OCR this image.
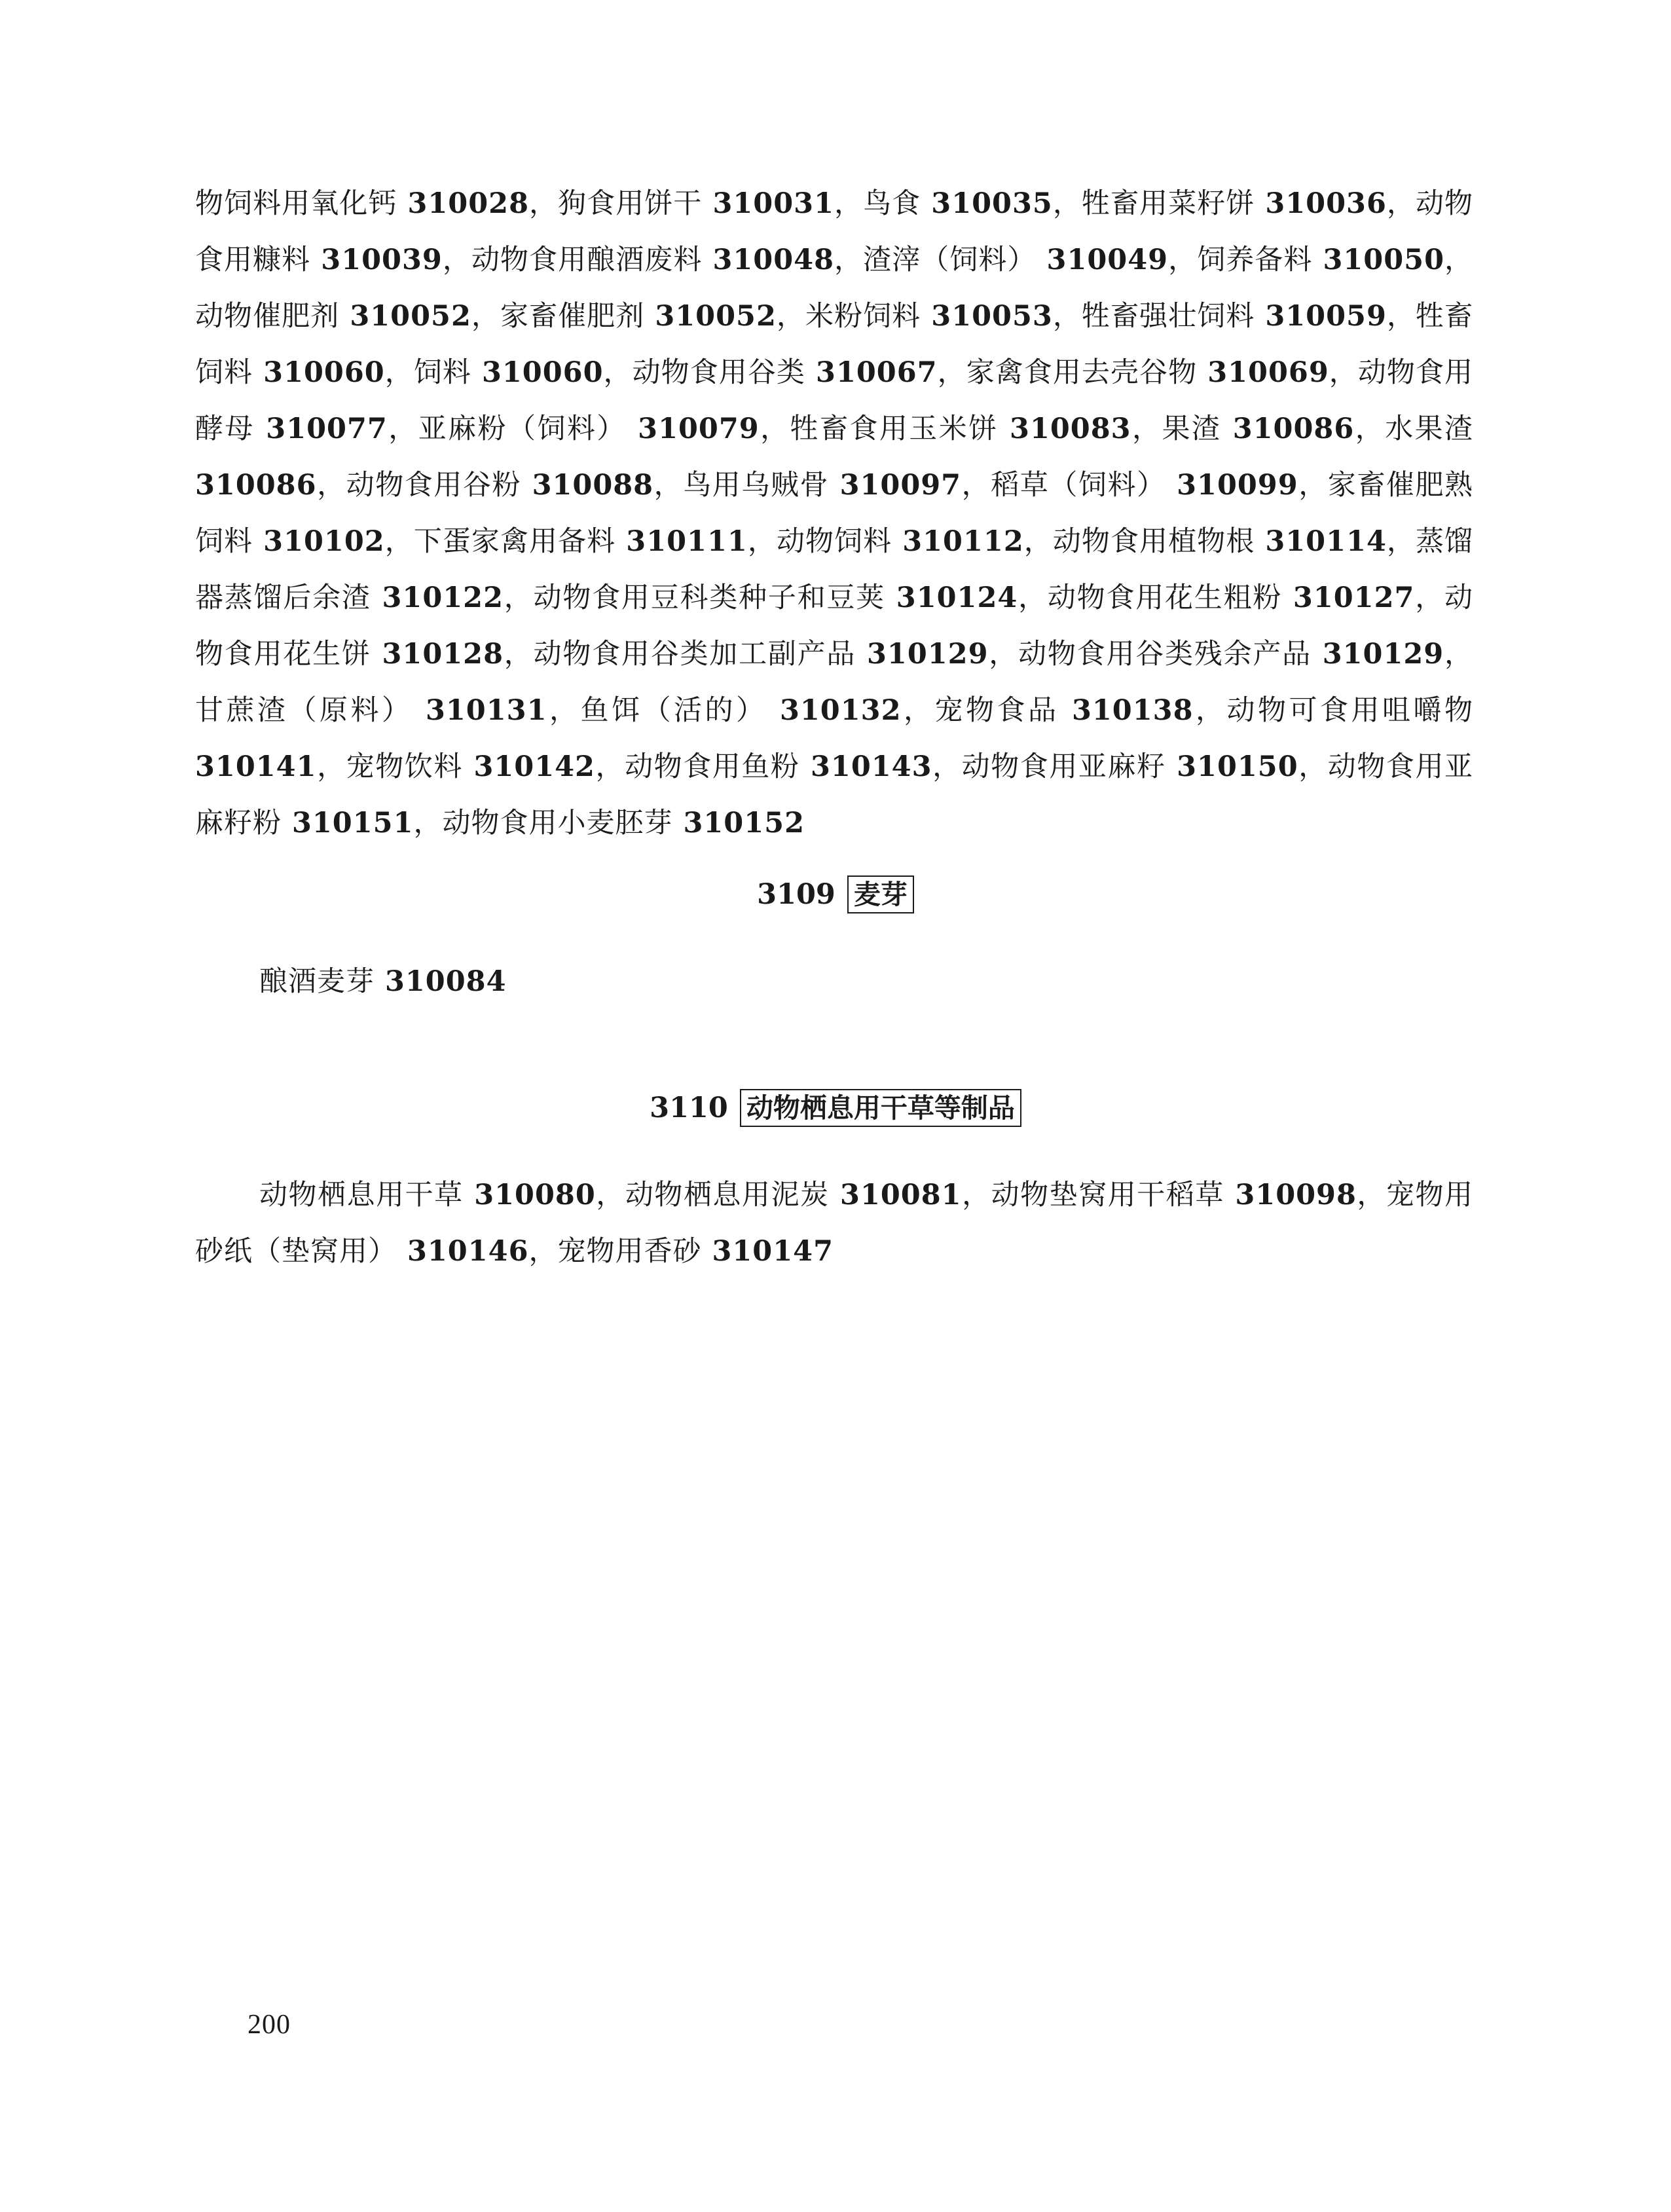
物饲料用氧化钙 310028，狗食用饼干 310031，鸟食 310035，牲畜用菜籽饼 310036，动物食用糠料 310039，动物食用酿酒废料 310048，渣滓（饲料） 310049，饲养备料 310050，动物催肥剂 310052，家畜催肥剂 310052，米粉饲料 310053，牲畜强壮饲料 310059，牲畜饲料 310060，饲料 310060，动物食用谷类 310067，家禽食用去壳谷物 310069，动物食用酵母 310077，亚麻粉（饲料） 310079，牲畜食用玉米饼 310083，果渣 310086，水果渣 310086，动物食用谷粉 310088，鸟用乌贼骨 310097，稻草（饲料） 310099，家畜催肥熟饲料 310102，下蛋家禽用备料 310111，动物饲料 310112，动物食用植物根 310114，蒸馏器蒸馏后余渣 310122，动物食用豆科类种子和豆荚 310124，动物食用花生粗粉 310127，动物食用花生饼 310128，动物食用谷类加工副产品 310129，动物食用谷类残余产品 310129，甘蔗渣（原料） 310131，鱼饵（活的） 310132，宠物食品 310138，动物可食用咀嚼物 310141，宠物饮料 310142，动物食用鱼粉 310143，动物食用亚麻籽 310150，动物食用亚麻籽粉 310151，动物食用小麦胚芽 310152

3109 麦芽

酿酒麦芽 310084

3110 动物栖息用干草等制品

动物栖息用干草 310080，动物栖息用泥炭 310081，动物垫窝用干稻草 310098，宠物用砂纸（垫窝用） 310146，宠物用香砂 310147

200
